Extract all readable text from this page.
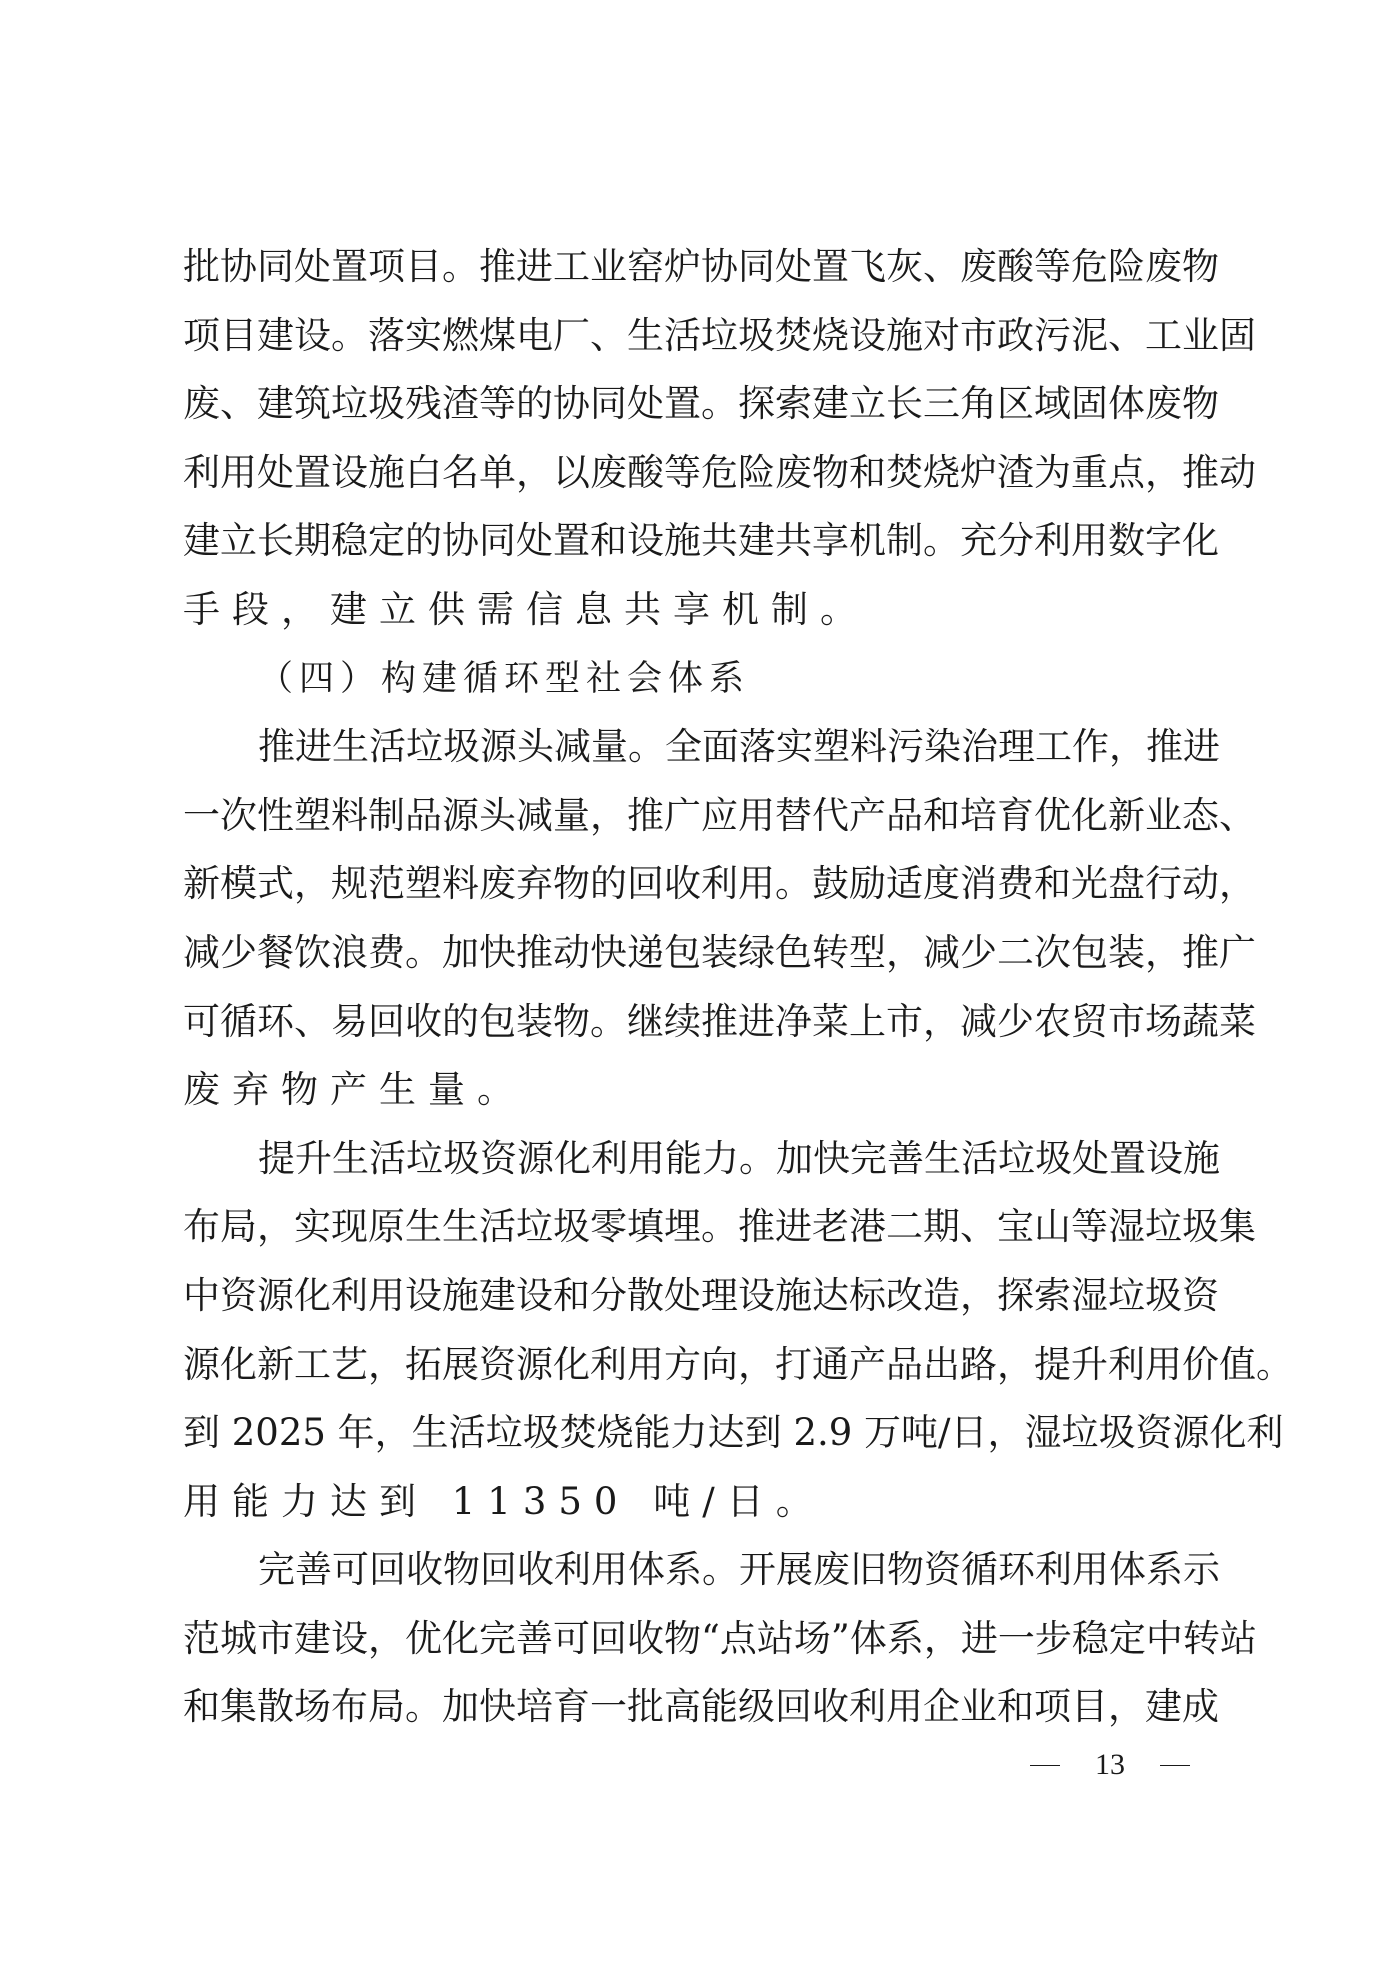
批协同处置项目。推进工业窑炉协同处置飞灰、废酸等危险废物
项目建设。落实燃煤电厂、生活垃圾焚烧设施对市政污泥、工业固
废、建筑垃圾残渣等的协同处置。探索建立长三角区域固体废物
利用处置设施白名单，以废酸等危险废物和焚烧炉渣为重点，推动
建立长期稳定的协同处置和设施共建共享机制。充分利用数字化
手段，建立供需信息共享机制。
（四）构建循环型社会体系
推进生活垃圾源头减量。全面落实塑料污染治理工作，推进
一次性塑料制品源头减量，推广应用替代产品和培育优化新业态、
新模式，规范塑料废弃物的回收利用。鼓励适度消费和光盘行动，
减少餐饮浪费。加快推动快递包装绿色转型，减少二次包装，推广
可循环、易回收的包装物。继续推进净菜上市，减少农贸市场蔬菜
废弃物产生量。
提升生活垃圾资源化利用能力。加快完善生活垃圾处置设施
布局，实现原生生活垃圾零填埋。推进老港二期、宝山等湿垃圾集
中资源化利用设施建设和分散处理设施达标改造，探索湿垃圾资
源化新工艺，拓展资源化利用方向，打通产品出路，提升利用价值。
到 2025 年，生活垃圾焚烧能力达到 2.9 万吨/日，湿垃圾资源化利
用能力达到 11350 吨/日。
完善可回收物回收利用体系。开展废旧物资循环利用体系示
范城市建设，优化完善可回收物“点站场”体系，进一步稳定中转站
和集散场布局。加快培育一批高能级回收利用企业和项目，建成
13
